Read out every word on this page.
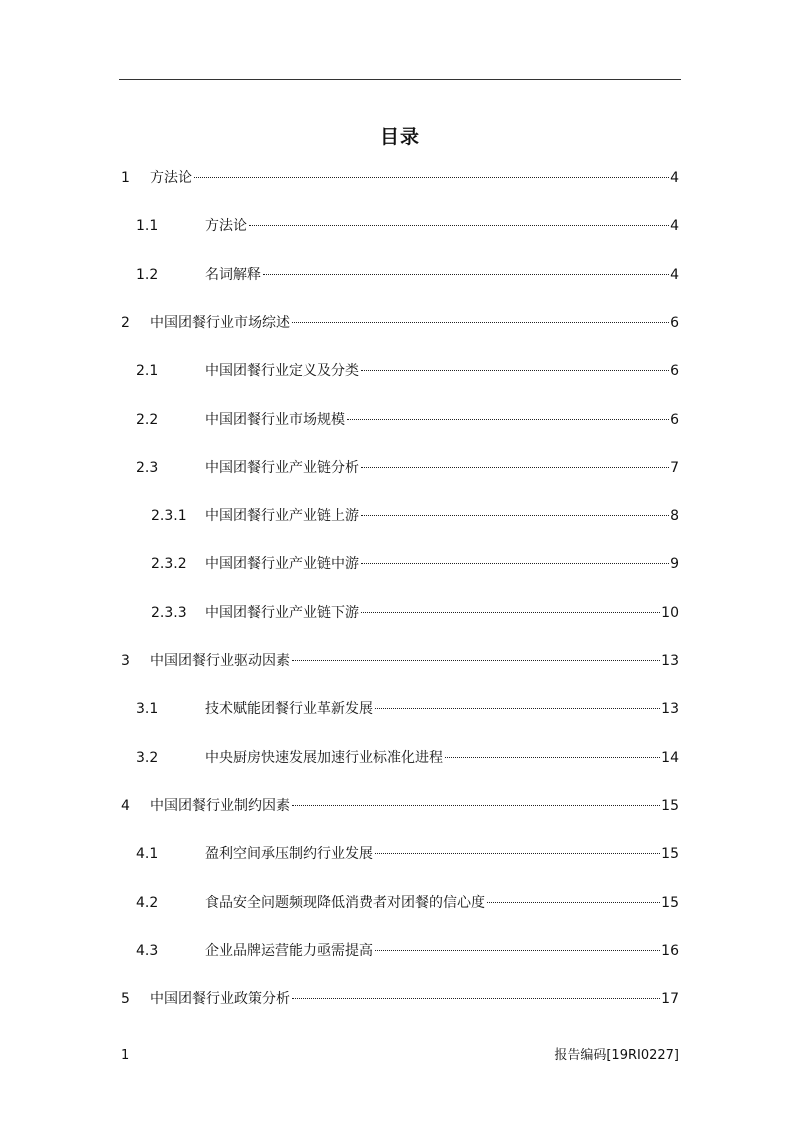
目录
1 方法论	4
1.1	方法论	4
1.2	名词解释	4
2 中国团餐行业市场综述	6
2.1	中国团餐行业定义及分类	6
2.2	中国团餐行业市场规模	6
2.3	中国团餐行业产业链分析	7
2.3.1 中国团餐行业产业链上游	8
2.3.2 中国团餐行业产业链中游	9
2.3.3 中国团餐行业产业链下游	10
3 中国团餐行业驱动因素	13
3.1	技术赋能团餐行业革新发展	13
3.2	中央厨房快速发展加速行业标准化进程	14
4 中国团餐行业制约因素	15
4.1	盈利空间承压制约行业发展	15
4.2	食品安全问题频现降低消费者对团餐的信心度	15
4.3	企业品牌运营能力亟需提高	16
5 中国团餐行业政策分析	17
1	报告编码[19RI0227]
